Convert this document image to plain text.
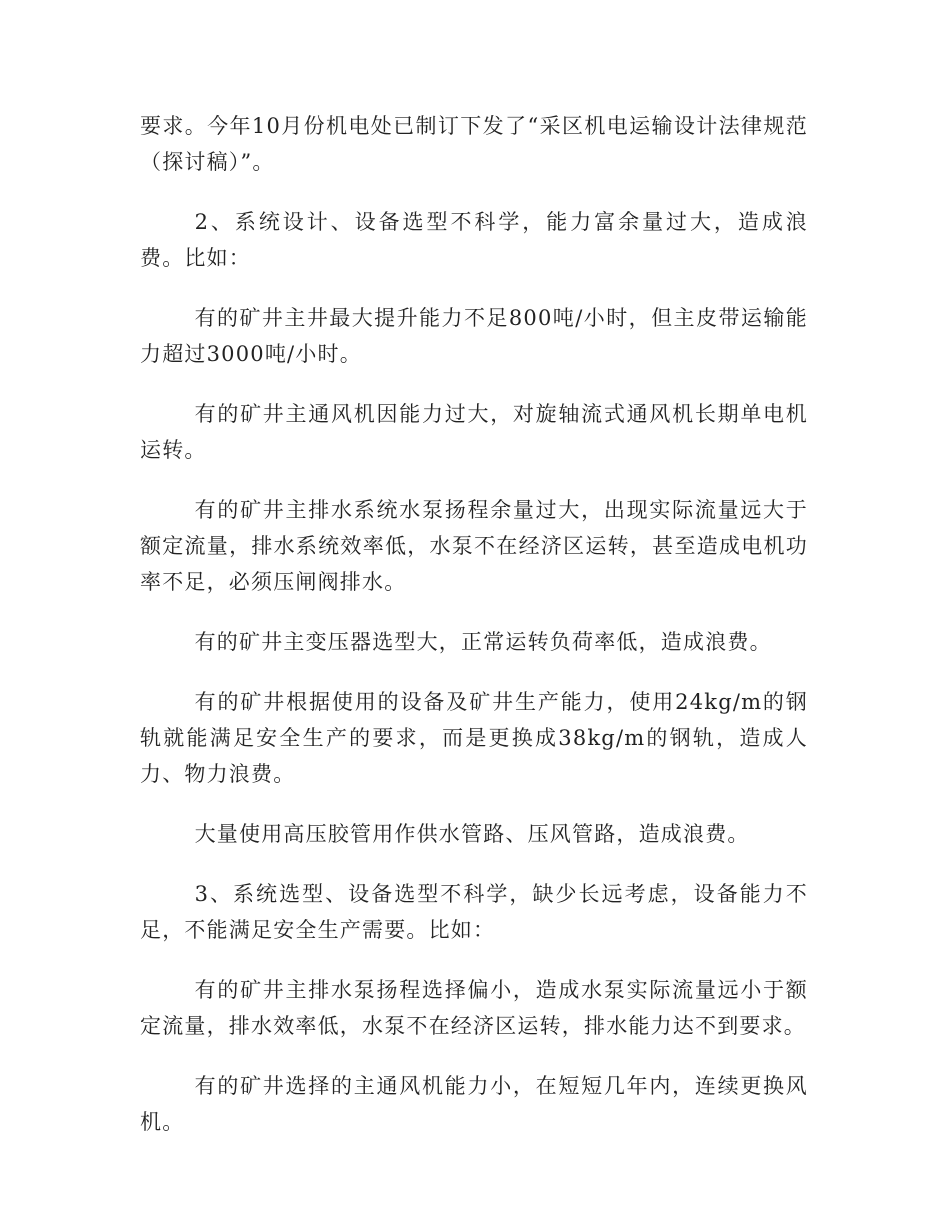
要求。今年10月份机电处已制订下发了“采区机电运输设计法律规范（探讨稿）”。

2、系统设计、设备选型不科学，能力富余量过大，造成浪费。比如：

有的矿井主井最大提升能力不足800吨/小时，但主皮带运输能力超过3000吨/小时。

有的矿井主通风机因能力过大，对旋轴流式通风机长期单电机运转。

有的矿井主排水系统水泵扬程余量过大，出现实际流量远大于额定流量，排水系统效率低，水泵不在经济区运转，甚至造成电机功率不足，必须压闸阀排水。

有的矿井主变压器选型大，正常运转负荷率低，造成浪费。

有的矿井根据使用的设备及矿井生产能力，使用24kg/m的钢轨就能满足安全生产的要求，而是更换成38kg/m的钢轨，造成人力、物力浪费。

大量使用高压胶管用作供水管路、压风管路，造成浪费。

3、系统选型、设备选型不科学，缺少长远考虑，设备能力不足，不能满足安全生产需要。比如：

有的矿井主排水泵扬程选择偏小，造成水泵实际流量远小于额定流量，排水效率低，水泵不在经济区运转，排水能力达不到要求。

有的矿井选择的主通风机能力小，在短短几年内，连续更换风机。
